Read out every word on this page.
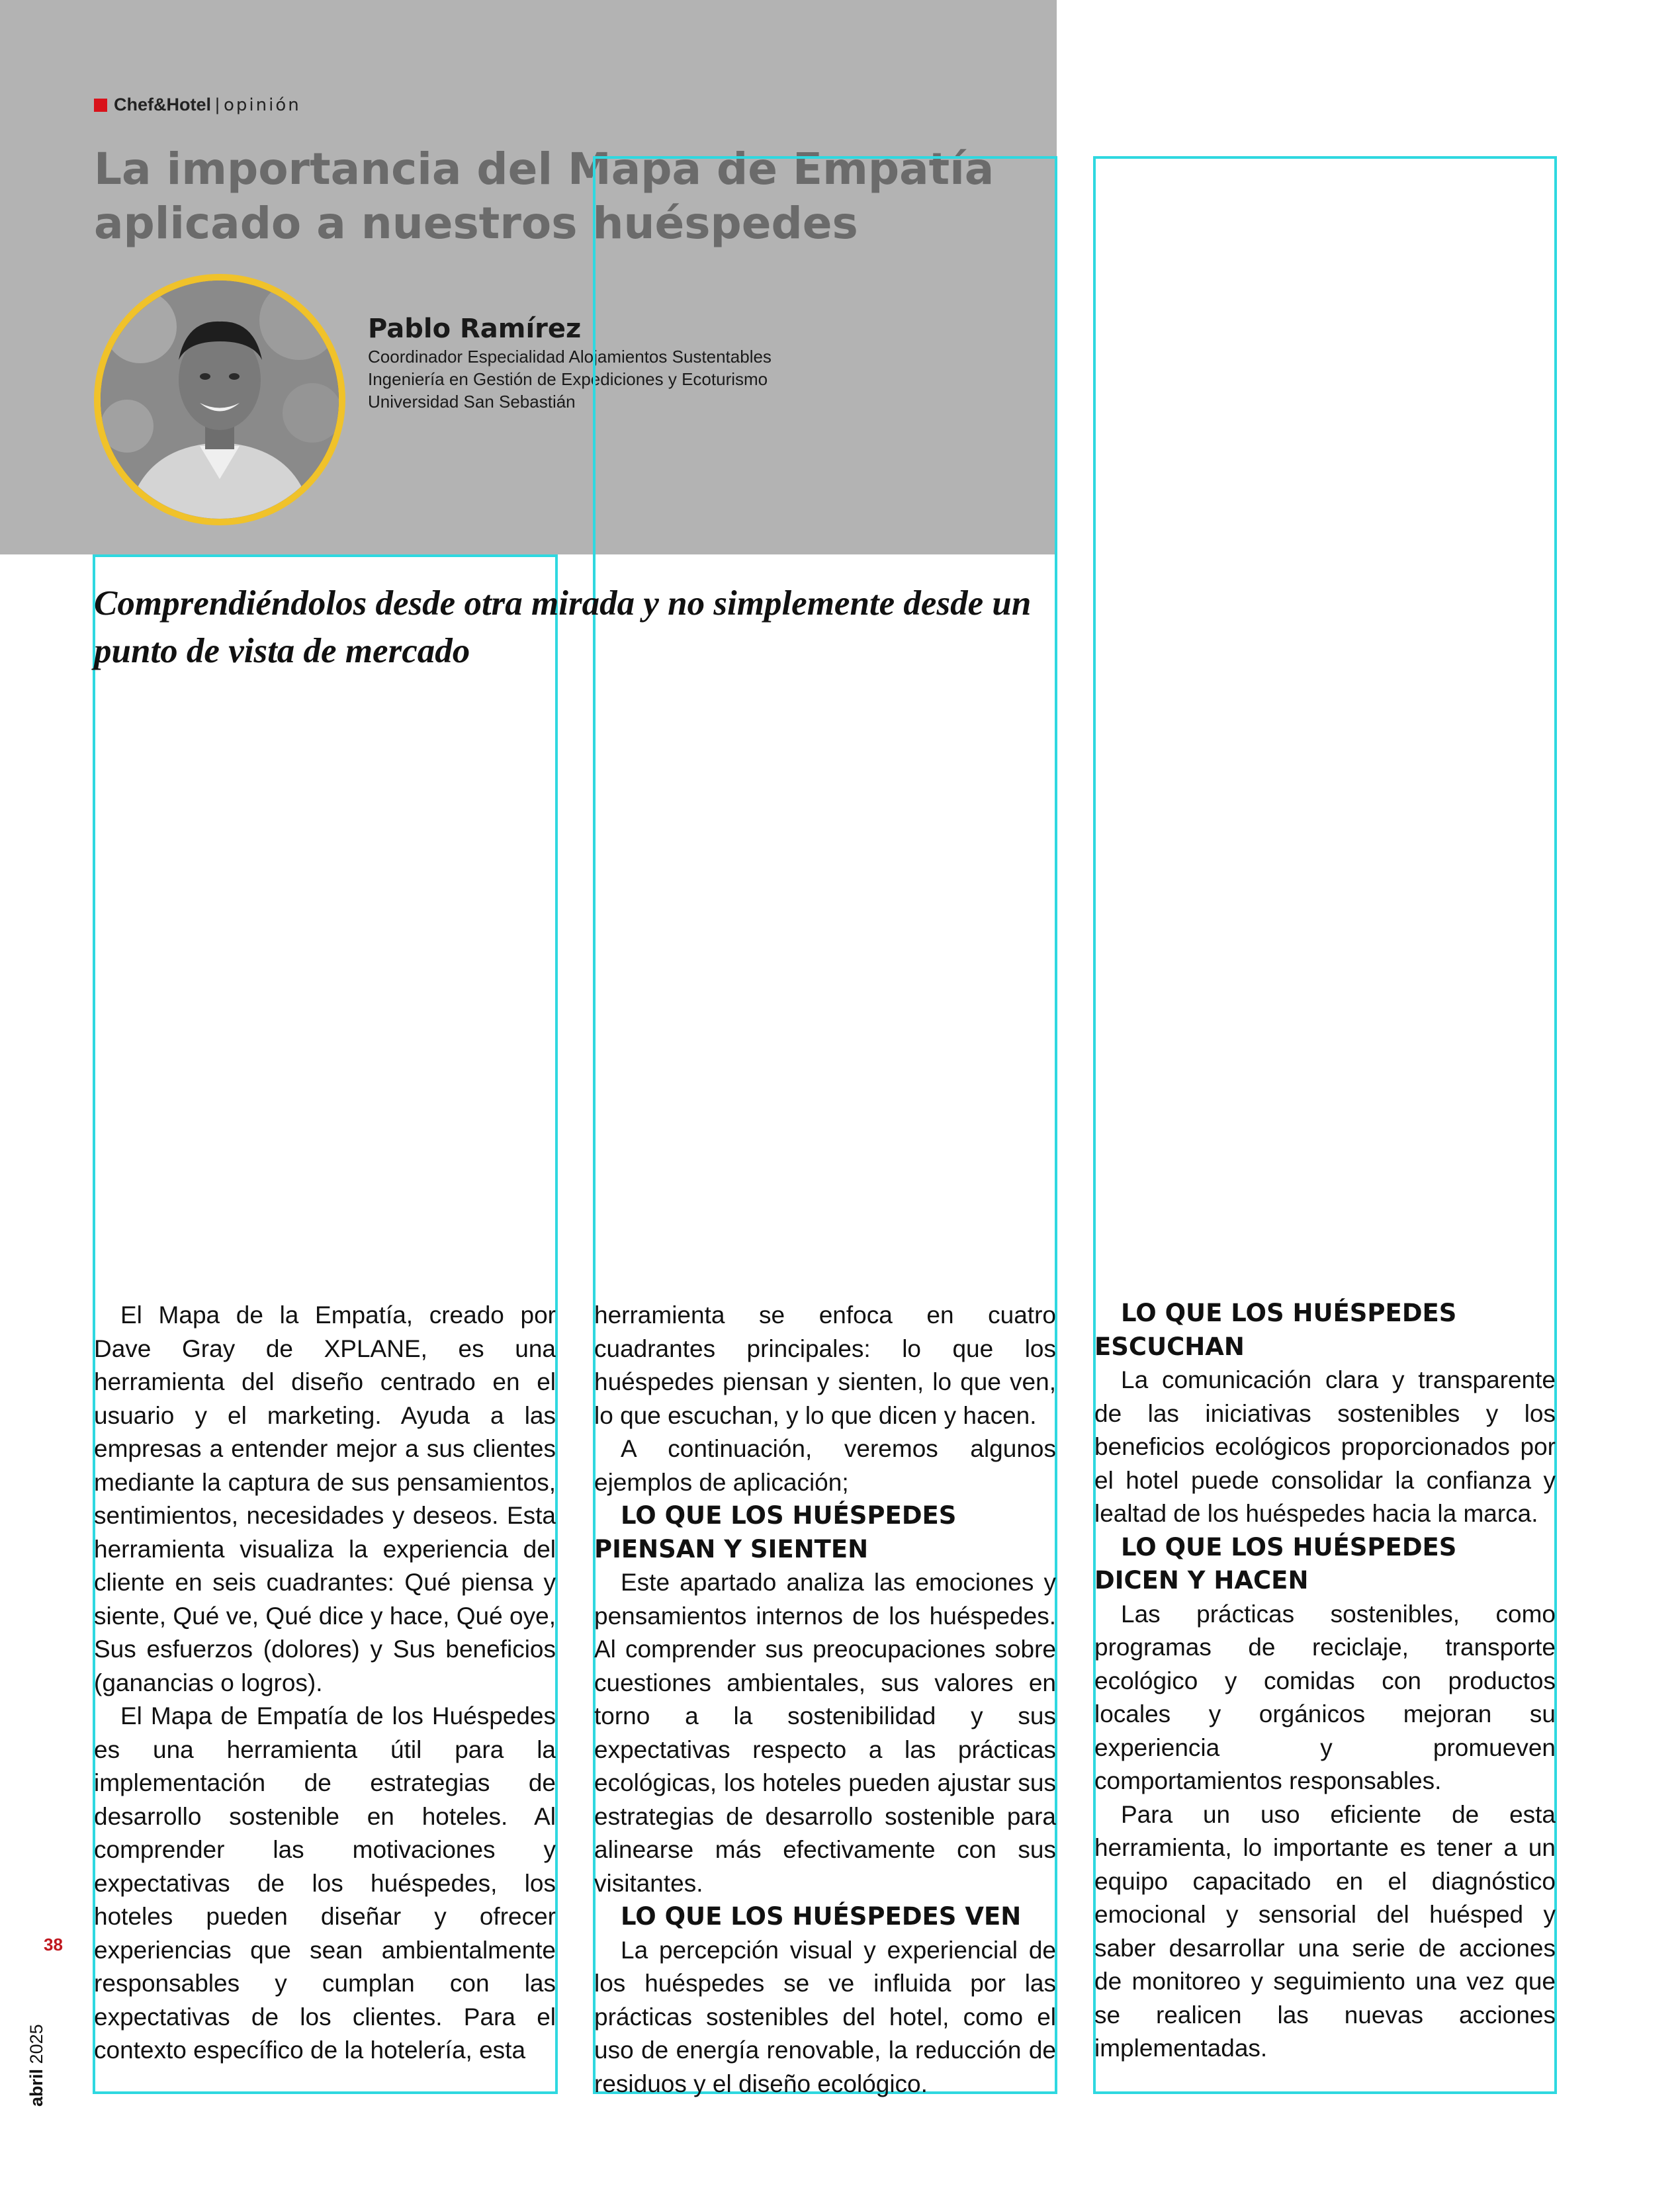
Chef&Hotel | opinión
La importancia del Mapa de Empatía
aplicado a nuestros huéspedes
Pablo Ramírez
Coordinador Especialidad Alojamientos Sustentables
Ingeniería en Gestión de Expediciones y Ecoturismo
Universidad San Sebastián
Comprendiéndolos desde otra mirada y no simplemente desde un
punto de vista de mercado

El Mapa de la Empatía, creado por Dave Gray de XPLANE, es una herramienta del diseño centrado en el usuario y el marketing. Ayuda a las empresas a entender mejor a sus clientes mediante la captura de sus pensamientos, sentimientos, necesidades y deseos. Esta herramienta visualiza la experiencia del cliente en seis cuadrantes: Qué piensa y siente, Qué ve, Qué dice y hace, Qué oye, Sus esfuerzos (dolores) y Sus beneficios (ganancias o logros).

El Mapa de Empatía de los Huéspedes es una herramienta útil para la implementación de estrategias de desarrollo sostenible en hoteles. Al comprender las motivaciones y expectativas de los huéspedes, los hoteles pueden diseñar y ofrecer experiencias que sean ambientalmente responsables y cumplan con las expectativas de los clientes. Para el contexto específico de la hotelería, esta

herramienta se enfoca en cuatro cuadrantes principales: lo que los huéspedes piensan y sienten, lo que ven, lo que escuchan, y lo que dicen y hacen.

A continuación, veremos algunos ejemplos de aplicación;

LO QUE LOS HUÉSPEDES
PIENSAN Y SIENTEN

Este apartado analiza las emociones y pensamientos internos de los huéspedes. Al comprender sus preocupaciones sobre cuestiones ambientales, sus valores en torno a la sostenibilidad y sus expectativas respecto a las prácticas ecológicas, los hoteles pueden ajustar sus estrategias de desarrollo sostenible para alinearse más efectivamente con sus visitantes.

LO QUE LOS HUÉSPEDES VEN

La percepción visual y experiencial de los huéspedes se ve influida por las prácticas sostenibles del hotel, como el uso de energía renovable, la reducción de residuos y el diseño ecológico.

LO QUE LOS HUÉSPEDES
ESCUCHAN

La comunicación clara y transparente de las iniciativas sostenibles y los beneficios ecológicos proporcionados por el hotel puede consolidar la confianza y lealtad de los huéspedes hacia la marca.

LO QUE LOS HUÉSPEDES
DICEN Y HACEN

Las prácticas sostenibles, como programas de reciclaje, transporte ecológico y comidas con productos locales y orgánicos mejoran su experiencia y promueven comportamientos responsables.

Para un uso eficiente de esta herramienta, lo importante es tener a un equipo capacitado en el diagnóstico emocional y sensorial del huésped y saber desarrollar una serie de acciones de monitoreo y seguimiento una vez que se realicen las nuevas acciones implementadas.

38
abril 2025
